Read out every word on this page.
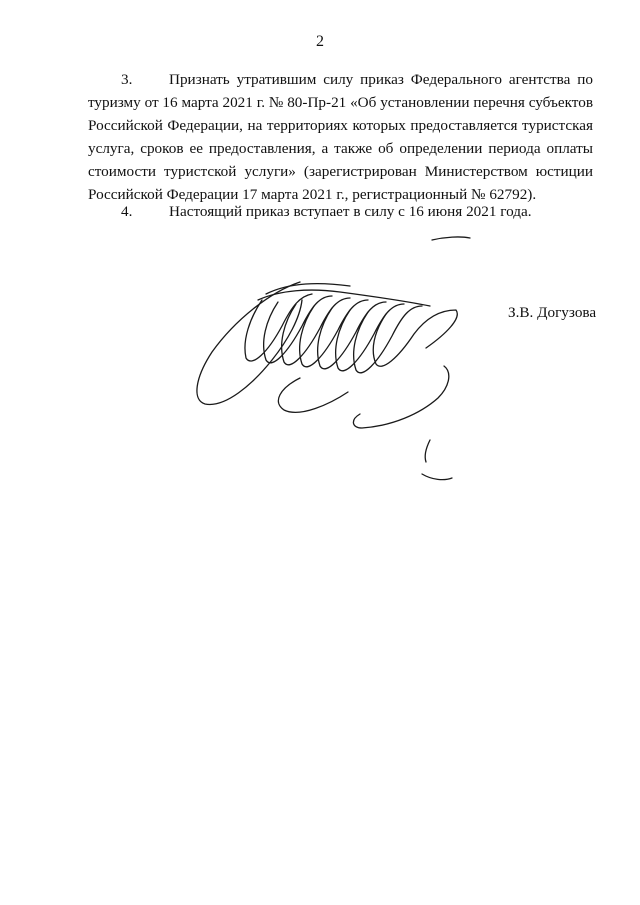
2

3. Признать утратившим силу приказ Федерального агентства по туризму от 16 марта 2021 г. № 80-Пр-21 «Об установлении перечня субъектов Российской Федерации, на территориях которых предоставляется туристская услуга, сроков ее предоставления, а также об определении периода оплаты стоимости туристской услуги» (зарегистрирован Министерством юстиции Российской Федерации 17 марта 2021 г., регистрационный № 62792).

4. Настоящий приказ вступает в силу с 16 июня 2021 года.

З.В. Догузова
